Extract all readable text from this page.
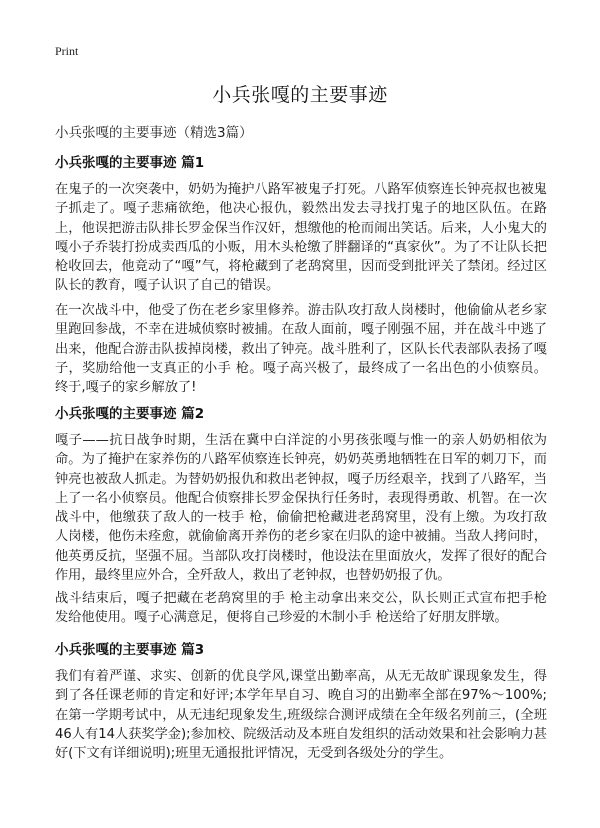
Print
小兵张嘎的主要事迹

小兵张嘎的主要事迹（精选3篇）

小兵张嘎的主要事迹 篇1

在鬼子的一次突袭中，奶奶为掩护八路军被鬼子打死。八路军侦察连长钟亮叔也被鬼子抓走了。嘎子悲痛欲绝，他决心报仇，毅然出发去寻找打鬼子的地区队伍。在路上，他误把游击队排长罗金保当作汉奸，想缴他的枪而闹出笑话。后来，人小鬼大的嘎小子乔装打扮成卖西瓜的小贩，用木头枪缴了胖翻译的“真家伙”。为了不让队长把枪收回去，他竟动了“嘎”气，将枪藏到了老鸹窝里，因而受到批评关了禁闭。经过区队长的教育，嘎子认识了自己的错误。

在一次战斗中，他受了伤在老乡家里修养。游击队攻打敌人岗楼时，他偷偷从老乡家里跑回参战，不幸在进城侦察时被捕。在敌人面前，嘎子刚强不屈，并在战斗中逃了出来，他配合游击队拔掉岗楼，救出了钟亮。战斗胜利了，区队长代表部队表扬了嘎子，奖励给他一支真正的小手 枪。嘎子高兴极了，最终成了一名出色的小侦察员。终于,嘎子的家乡解放了!

小兵张嘎的主要事迹 篇2

嘎子——抗日战争时期，生活在冀中白洋淀的小男孩张嘎与惟一的亲人奶奶相依为命。为了掩护在家养伤的八路军侦察连长钟亮，奶奶英勇地牺牲在日军的刺刀下，而钟亮也被敌人抓走。为替奶奶报仇和救出老钟叔，嘎子历经艰辛，找到了八路军，当上了一名小侦察员。他配合侦察排长罗金保执行任务时，表现得勇敢、机智。在一次战斗中，他缴获了敌人的一枝手 枪，偷偷把枪藏进老鸹窝里，没有上缴。为攻打敌人岗楼，他伤未痊愈，就偷偷离开养伤的老乡家在归队的途中被捕。当敌人拷问时，他英勇反抗，坚强不屈。当部队攻打岗楼时，他设法在里面放火，发挥了很好的配合作用，最终里应外合，全歼敌人，救出了老钟叔，也替奶奶报了仇。

战斗结束后，嘎子把藏在老鸹窝里的手 枪主动拿出来交公，队长则正式宣布把手枪发给他使用。嘎子心满意足，便将自己珍爱的木制小手 枪送给了好朋友胖墩。

小兵张嘎的主要事迹 篇3

我们有着严谨、求实、创新的优良学风,课堂出勤率高，从无无故旷课现象发生，得到了各任课老师的肯定和好评;本学年早自习、晚自习的出勤率全部在97%～100%;在第一学期考试中，从无违纪现象发生,班级综合测评成绩在全年级名列前三，(全班46人有14人获奖学金);参加校、院级活动及本班自发组织的活动效果和社会影响力甚好(下文有详细说明);班里无通报批评情况，无受到各级处分的学生。
